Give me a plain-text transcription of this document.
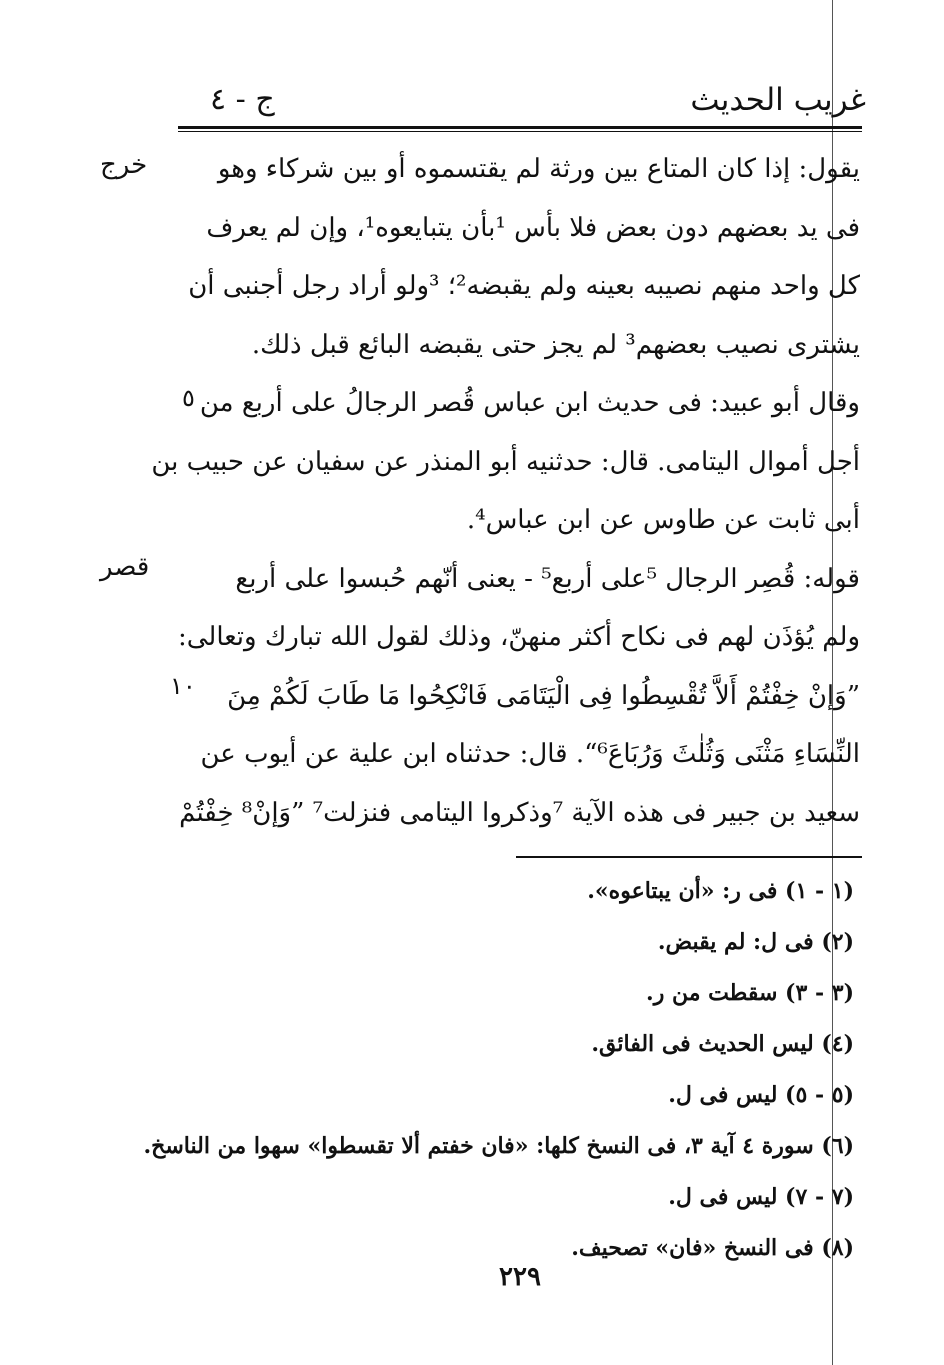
غريب الحديث
ج - ٤
يقول: إذا كان المتاع بين ورثة لم يقتسموه أو بين شركاء وهو
فى يد بعضهم دون بعض فلا بأس ¹بأن يتبايعوه¹، وإن لم يعرف
كل واحد منهم نصيبه بعينه ولم يقبضه²؛ ³ولو أراد رجل أجنبى أن
يشترى نصيب بعضهم³ لم يجز حتى يقبضه البائع قبل ذلك.
وقال أبو عبيد: فى حديث ابن عباس قُصر الرجالُ على أربع من
أجل أموال اليتامى. قال: حدثنيه أبو المنذر عن سفيان عن حبيب بن
أبى ثابت عن طاوس عن ابن عباس⁴.
قوله: قُصِر الرجال ⁵على أربع⁵ - يعنى أنّهم حُبسوا على أربع
ولم يُؤذَن لهم فى نكاح أكثر منهنّ، وذلك لقول الله تبارك وتعالى:
”وَإنْ خِفْتُمْ أَلاَّ تُقْسِطُوا فِى الْيَتَامَى فَانْكِحُوا مَا طَابَ لَكُمْ مِنَ
النِّسَاءِ مَثْنَى وَثُلٰثَ وَرُبَاعَ⁶“. قال: حدثناه ابن علية عن أيوب عن
سعيد بن جبير فى هذه الآية ⁷وذكروا اليتامى فنزلت⁷ ”وَإنْ⁸ خِفْتُمْ
خرج
قصر
٥
١٠
(١ - ١) فى ر: «أن يبتاعوه».
(٢) فى ل: لم يقبض.
(٣ - ٣) سقطت من ر.
(٤) ليس الحديث فى الفائق.
(٥ - ٥) ليس فى ل.
(٦) سورة ٤ آية ٣، فى النسخ كلها: «فان خفتم ألا تقسطوا» سهوا من الناسخ.
(٧ - ٧) ليس فى ل.
(٨) فى النسخ «فان» تصحيف.
٢٢٩
